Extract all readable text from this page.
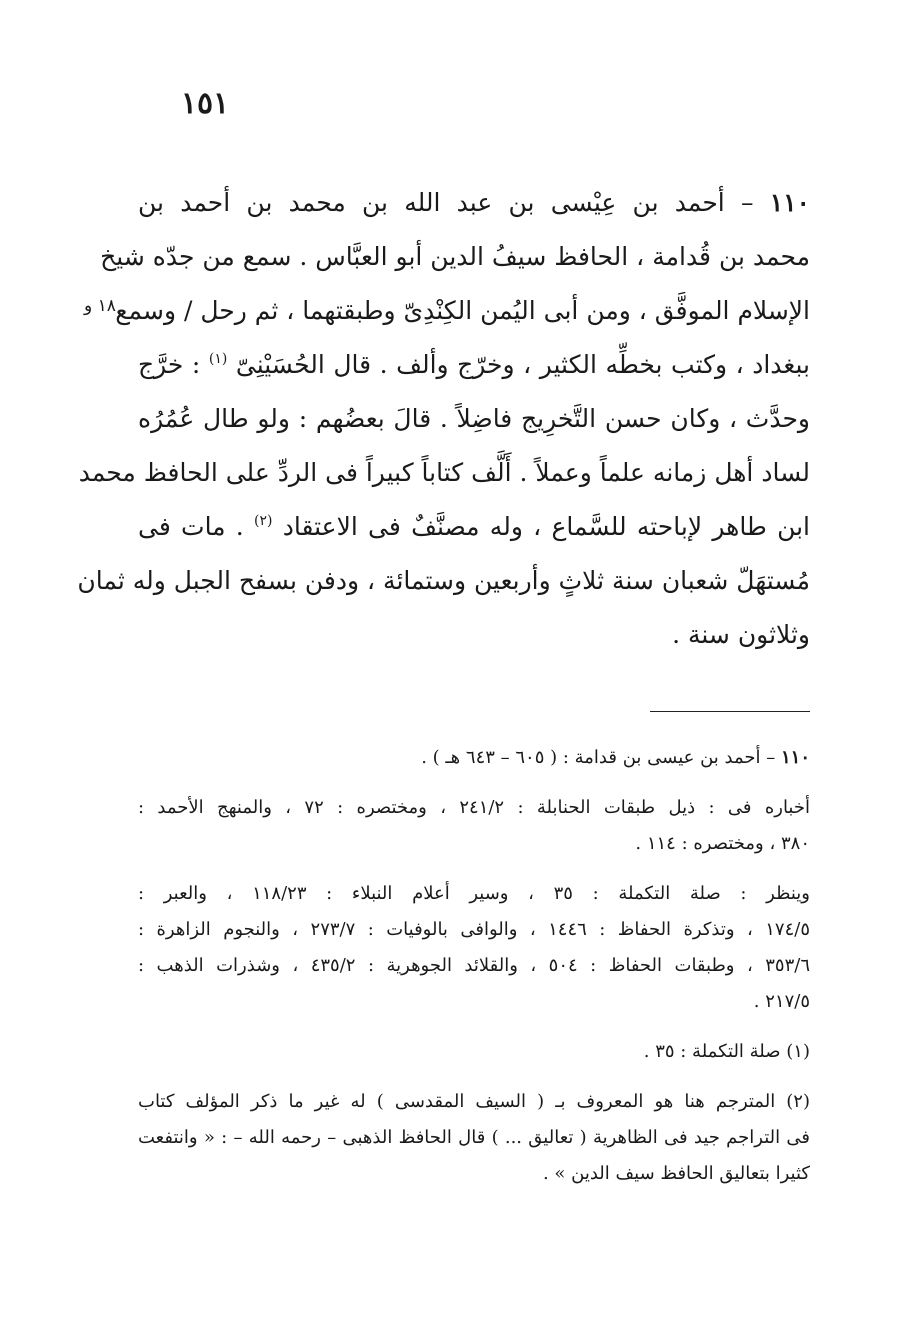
١٥١
١٨ و
١١٠ – أحمد بن عِيْسى بن عبد الله بن محمد بن أحمد بن
محمد بن قُدامة ، الحافظ سيفُ الدين أبو العبَّاس . سمع من جدّه شيخ
الإسلام الموفَّق ، ومن أبى اليُمن الكِنْدِىّ وطبقتهما ، ثم رحل / وسمع
ببغداد ، وكتب بخطِّه الكثير ، وخرّج وألف . قال الحُسَيْنِىّ $^{(١)}$ : خرَّج
وحدَّث ، وكان حسن التَّخرِيج فاضِلاً . قالَ بعضُهم : ولو طال عُمُرُه
لساد أهل زمانه علماً وعملاً . أَلَّف كتاباً كبيراً فى الردِّ على الحافظ محمد
ابن طاهر لإباحته للسَّماع ، وله مصنَّفٌ فى الاعتقاد $^{(٢)}$ . مات فى
مُستهَلّ شعبان سنة ثلاثٍ وأربعين وستمائة ، ودفن بسفح الجبل وله ثمان
وثلاثون سنة .
١١٠ – أحمد بن عيسى بن قدامة : ( ٦٠٥ – ٦٤٣ هـ ) .
أخباره فى : ذيل طبقات الحنابلة : ٢٤١/٢ ، ومختصره : ٧٢ ، والمنهج الأحمد :
٣٨٠ ، ومختصره : ١١٤ .
وينظر : صلة التكملة : ٣٥ ، وسير أعلام النبلاء : ١١٨/٢٣ ، والعبر :
١٧٤/٥ ، وتذكرة الحفاظ : ١٤٤٦ ، والوافى بالوفيات : ٢٧٣/٧ ، والنجوم الزاهرة :
٣٥٣/٦ ، وطبقات الحفاظ : ٥٠٤ ، والقلائد الجوهرية : ٤٣٥/٢ ، وشذرات الذهب :
٢١٧/٥ .
(١) صلة التكملة : ٣٥ .
(٢) المترجم هنا هو المعروف بـ ( السيف المقدسى ) له غير ما ذكر المؤلف كتاب
فى التراجم جيد فى الظاهرية ( تعاليق ... ) قال الحافظ الذهبى – رحمه الله – : « وانتفعت
كثيرا بتعاليق الحافظ سيف الدين » .
